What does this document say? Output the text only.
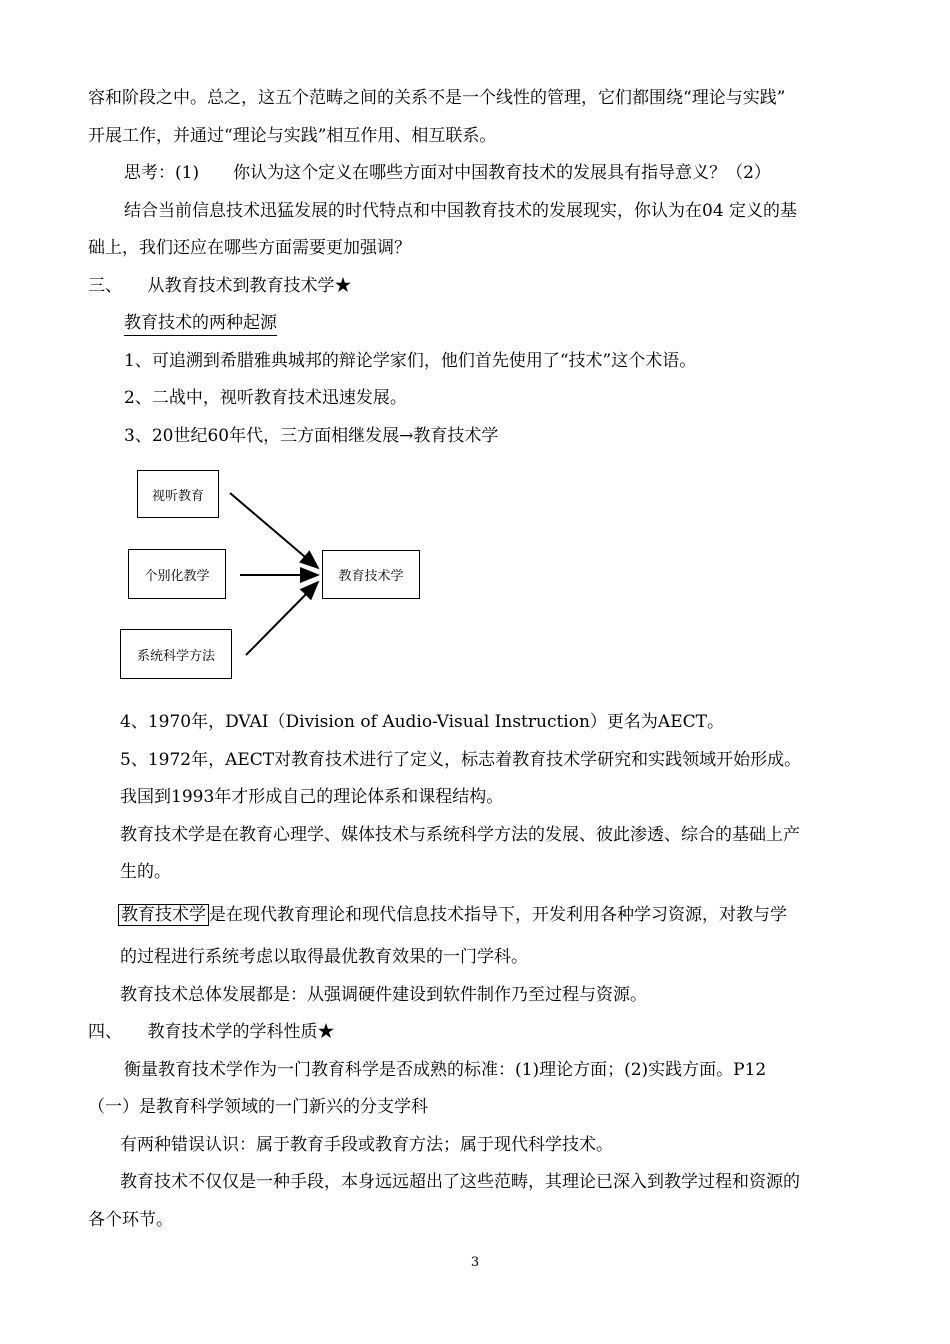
容和阶段之中。总之，这五个范畴之间的关系不是一个线性的管理，它们都围绕“理论与实践”
开展工作，并通过“理论与实践”相互作用、相互联系。
思考：(1)　　你认为这个定义在哪些方面对中国教育技术的发展具有指导意义？（2）
结合当前信息技术迅猛发展的时代特点和中国教育技术的发展现实，你认为在04 定义的基
础上，我们还应在哪些方面需要更加强调？
三、　　从教育技术到教育技术学★
教育技术的两种起源
1、可追溯到希腊雅典城邦的辩论学家们，他们首先使用了“技术”这个术语。
2、二战中，视听教育技术迅速发展。
3、20世纪60年代，三方面相继发展→教育技术学
视听教育
个别化教学
系统科学方法
教育技术学
4、1970年，DVAI（Division of Audio-Visual Instruction）更名为AECT。
5、1972年，AECT对教育技术进行了定义，标志着教育技术学研究和实践领域开始形成。
我国到1993年才形成自己的理论体系和课程结构。
教育技术学是在教育心理学、媒体技术与系统科学方法的发展、彼此渗透、综合的基础上产
生的。
教育技术学 是在现代教育理论和现代信息技术指导下，开发利用各种学习资源，对教与学
的过程进行系统考虑以取得最优教育效果的一门学科。
教育技术总体发展都是：从强调硬件建设到软件制作乃至过程与资源。
四、　　教育技术学的学科性质★
衡量教育技术学作为一门教育科学是否成熟的标准：(1)理论方面；(2)实践方面。P12
（一）是教育科学领域的一门新兴的分支学科
有两种错误认识：属于教育手段或教育方法；属于现代科学技术。
教育技术不仅仅是一种手段，本身远远超出了这些范畴，其理论已深入到教学过程和资源的
各个环节。
3
